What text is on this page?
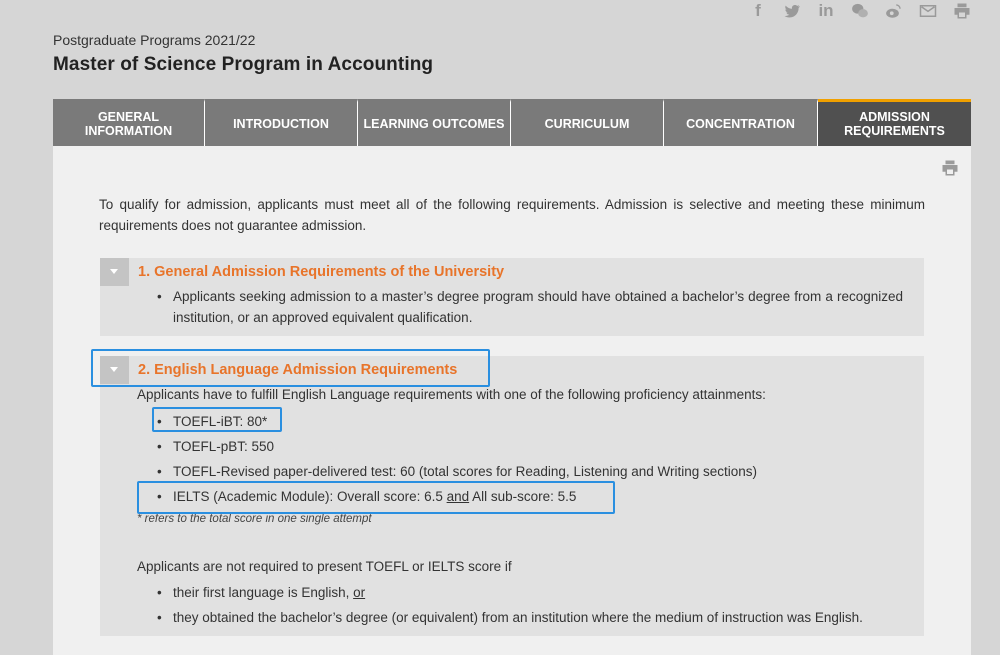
f	in
Postgraduate Programs 2021/22
Master of Science Program in Accounting
GENERAL INFORMATION	INTRODUCTION	LEARNING OUTCOMES	CURRICULUM	CONCENTRATION	ADMISSION REQUIREMENTS

To qualify for admission, applicants must meet all of the following requirements. Admission is selective and meeting these minimum requirements does not guarantee admission.

1. General Admission Requirements of the University
• Applicants seeking admission to a master’s degree program should have obtained a bachelor’s degree from a recognized institution, or an approved equivalent qualification.
2. English Language Admission Requirements
Applicants have to fulfill English Language requirements with one of the following proficiency attainments:
• TOEFL-iBT: 80*
• TOEFL-pBT: 550
• TOEFL-Revised paper-delivered test: 60 (total scores for Reading, Listening and Writing sections)
• IELTS (Academic Module): Overall score: 6.5 and All sub-score: 5.5
* refers to the total score in one single attempt
Applicants are not required to present TOEFL or IELTS score if
• their first language is English, or
• they obtained the bachelor’s degree (or equivalent) from an institution where the medium of instruction was English.
